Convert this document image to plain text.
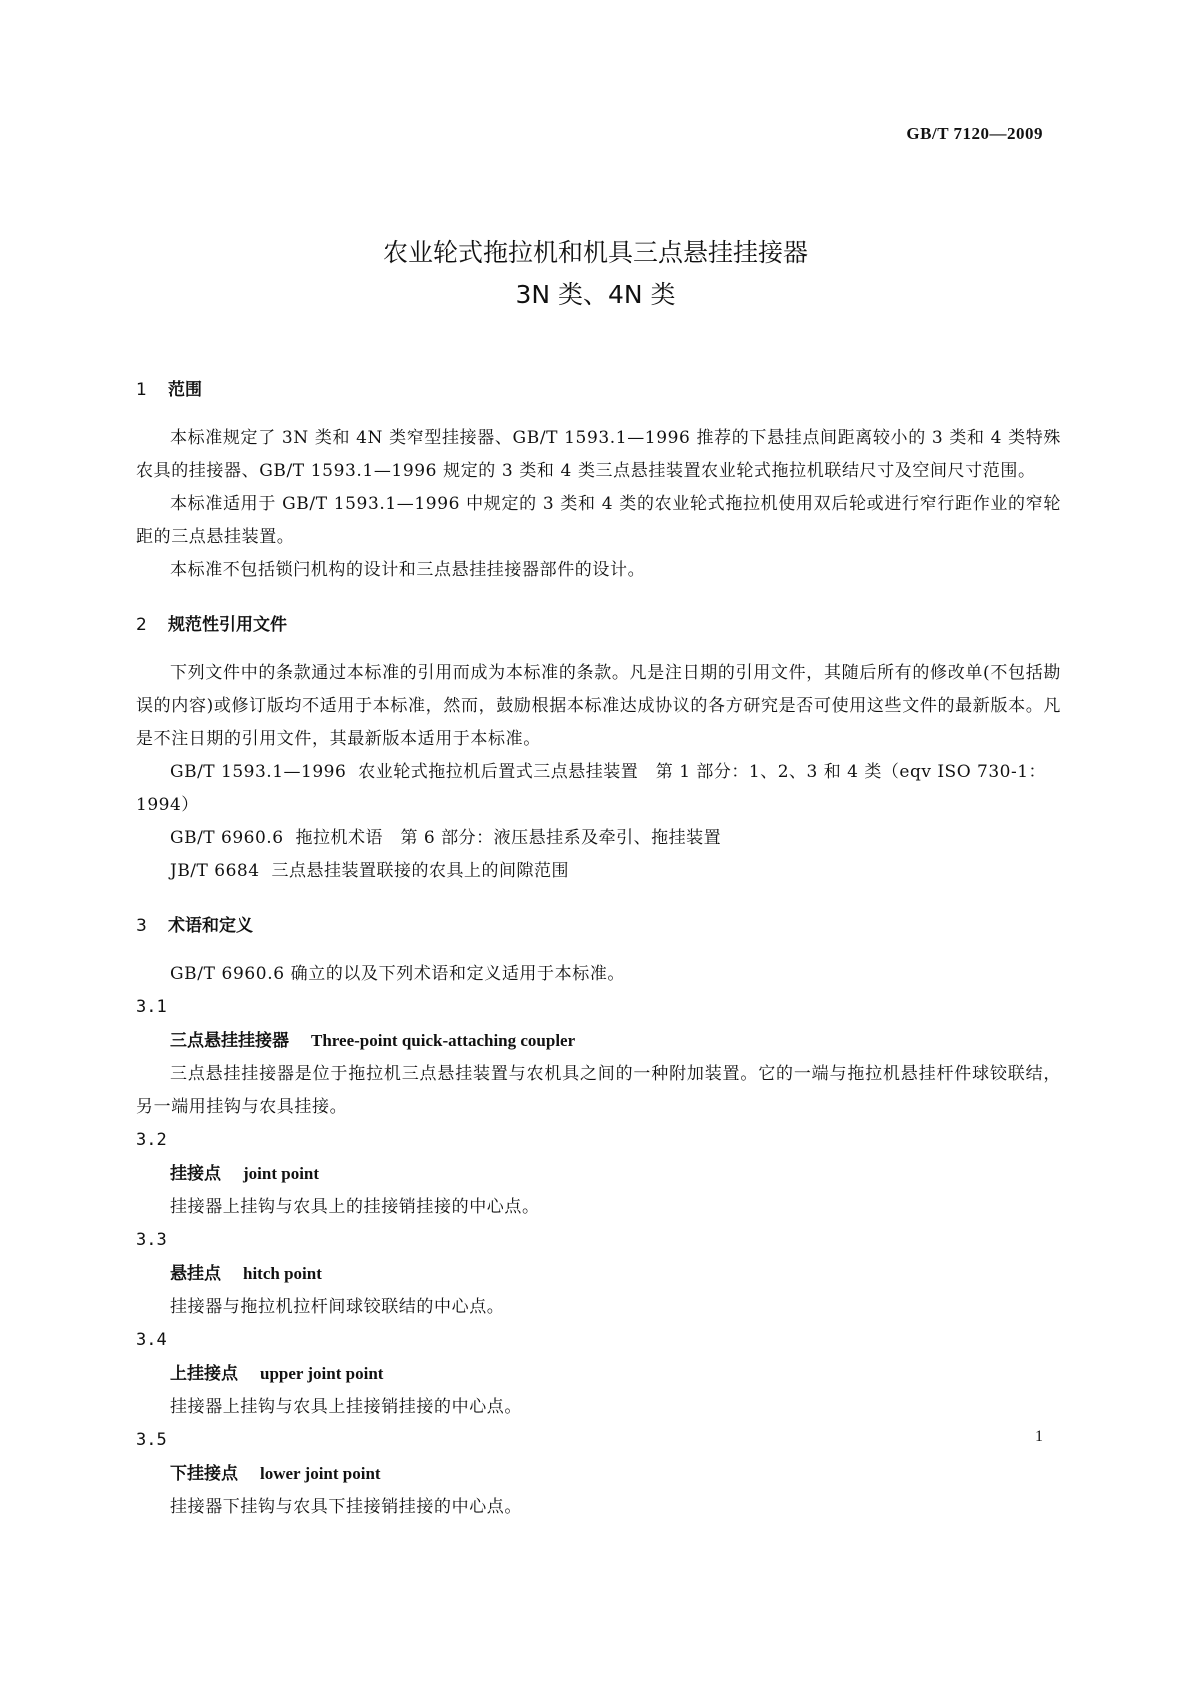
GB/T 7120—2009
农业轮式拖拉机和机具三点悬挂挂接器
3N 类、4N 类
1 范围

本标准规定了 3N 类和 4N 类窄型挂接器、GB/T 1593.1—1996 推荐的下悬挂点间距离较小的 3 类和 4 类特殊农具的挂接器、GB/T 1593.1—1996 规定的 3 类和 4 类三点悬挂装置农业轮式拖拉机联结尺寸及空间尺寸范围。

本标准适用于 GB/T 1593.1—1996 中规定的 3 类和 4 类的农业轮式拖拉机使用双后轮或进行窄行距作业的窄轮距的三点悬挂装置。

本标准不包括锁闩机构的设计和三点悬挂挂接器部件的设计。

2 规范性引用文件

下列文件中的条款通过本标准的引用而成为本标准的条款。凡是注日期的引用文件，其随后所有的修改单(不包括勘误的内容)或修订版均不适用于本标准，然而，鼓励根据本标准达成协议的各方研究是否可使用这些文件的最新版本。凡是不注日期的引用文件，其最新版本适用于本标准。

GB/T 1593.1—1996 农业轮式拖拉机后置式三点悬挂装置　第 1 部分：1、2、3 和 4 类（eqv ISO 730-1：1994）

GB/T 6960.6 拖拉机术语　第 6 部分：液压悬挂系及牵引、拖挂装置

JB/T 6684 三点悬挂装置联接的农具上的间隙范围

3 术语和定义

GB/T 6960.6 确立的以及下列术语和定义适用于本标准。

3.1

三点悬挂挂接器 Three-point quick-attaching coupler

三点悬挂挂接器是位于拖拉机三点悬挂装置与农机具之间的一种附加装置。它的一端与拖拉机悬挂杆件球铰联结，另一端用挂钩与农具挂接。

3.2

挂接点 joint point

挂接器上挂钩与农具上的挂接销挂接的中心点。

3.3

悬挂点 hitch point

挂接器与拖拉机拉杆间球铰联结的中心点。

3.4

上挂接点 upper joint point

挂接器上挂钩与农具上挂接销挂接的中心点。

3.5

下挂接点 lower joint point

挂接器下挂钩与农具下挂接销挂接的中心点。

1
